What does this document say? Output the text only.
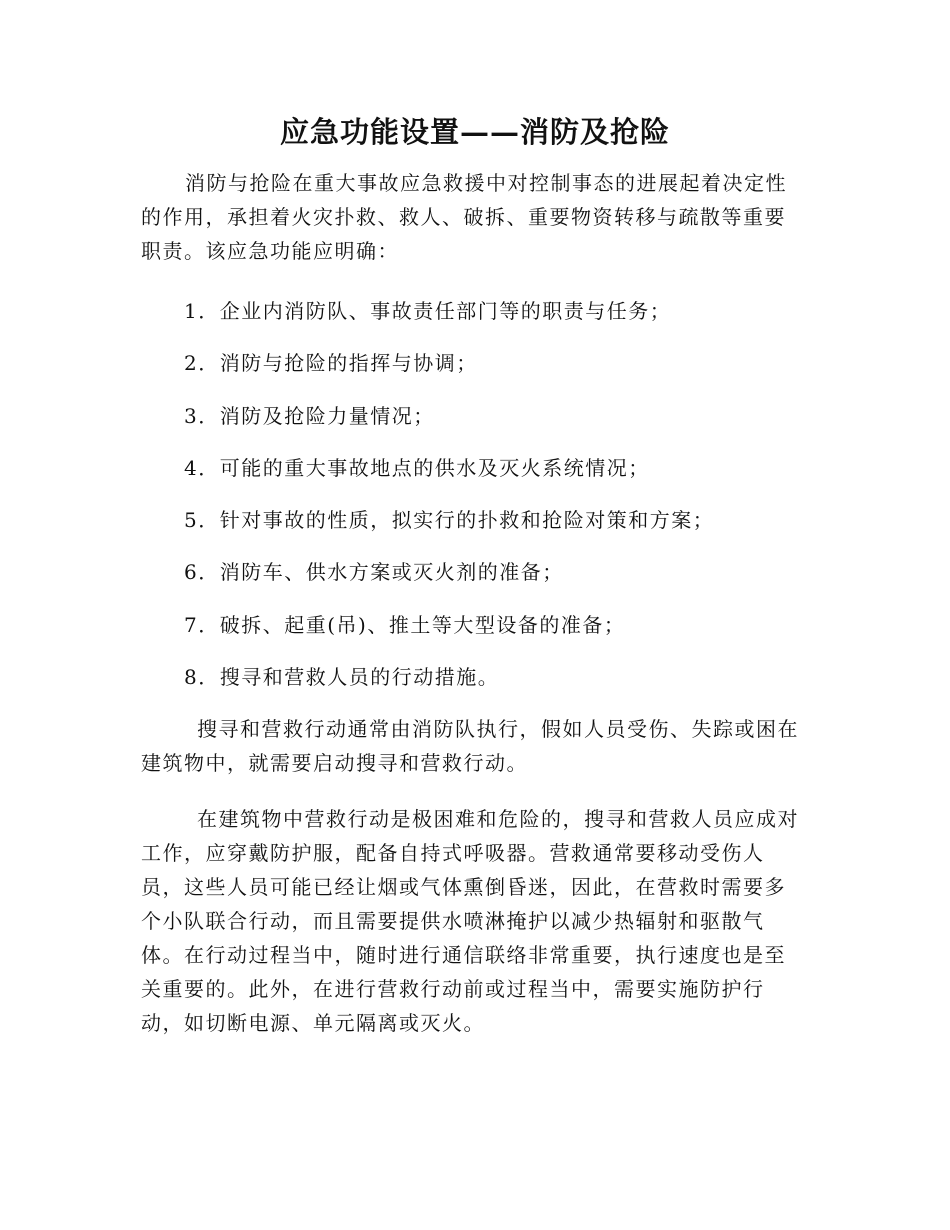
应急功能设置——消防及抢险

消防与抢险在重大事故应急救援中对控制事态的进展起着决定性
的作用，承担着火灾扑救、救人、破拆、重要物资转移与疏散等重要
职责。该应急功能应明确：

1．企业内消防队、事故责任部门等的职责与任务；
2．消防与抢险的指挥与协调；
3．消防及抢险力量情况；
4．可能的重大事故地点的供水及灭火系统情况；
5．针对事故的性质，拟实行的扑救和抢险对策和方案；
6．消防车、供水方案或灭火剂的准备；
7．破拆、起重(吊)、推土等大型设备的准备；
8．搜寻和营救人员的行动措施。

搜寻和营救行动通常由消防队执行，假如人员受伤、失踪或困在
建筑物中，就需要启动搜寻和营救行动。

在建筑物中营救行动是极困难和危险的，搜寻和营救人员应成对
工作，应穿戴防护服，配备自持式呼吸器。营救通常要移动受伤人
员，这些人员可能已经让烟或气体熏倒昏迷，因此，在营救时需要多
个小队联合行动，而且需要提供水喷淋掩护以减少热辐射和驱散气
体。在行动过程当中，随时进行通信联络非常重要，执行速度也是至
关重要的。此外，在进行营救行动前或过程当中，需要实施防护行
动，如切断电源、单元隔离或灭火。
